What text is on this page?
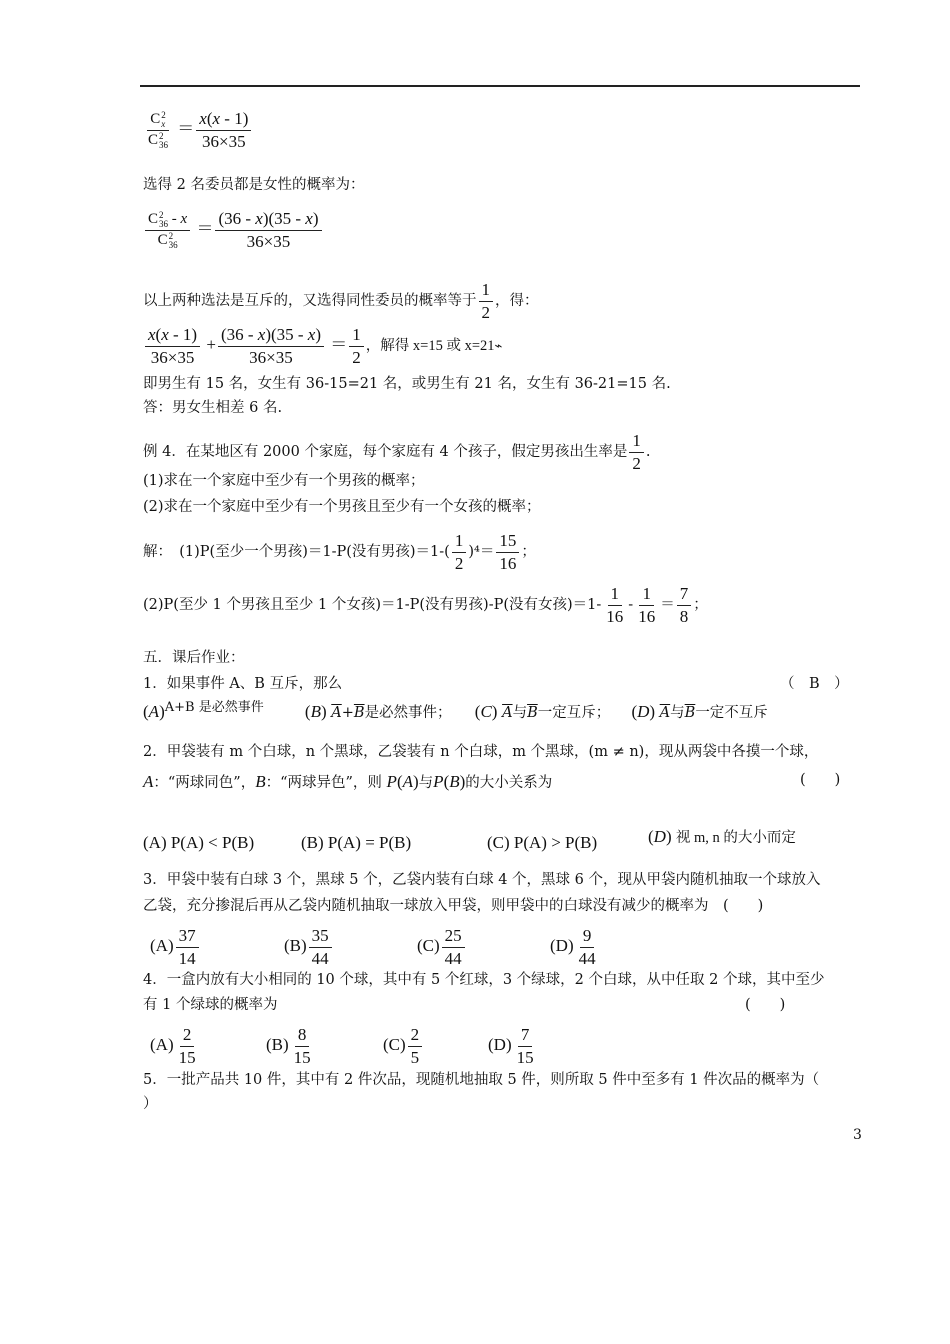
C 2
x
C 2
$36 = \frac{x(x - 1)}{36\times 35}$
选得 2 名委员都是女性的概率为：
C 2
36 - x
C 2
$36 = \frac{(36 - x)(35 - x)}{36\times 35}$
以上两种选法是互斥的，又选得同性委员的概率等于 $\frac{1}{2}$ ，得：
$\frac{x(x - 1)}{36\times 35} + \frac{(36 - x)(35 - x)}{36\times 35} = \frac{1}{2}$ ，解得 x=15 或 x=21⌁
即男生有 15 名，女生有 36-15=21 名，或男生有 21 名，女生有 36-21=15 名.
答：男女生相差 6 名.
例 4．在某地区有 2000 个家庭，每个家庭有 4 个孩子，假定男孩出生率是 $\frac{1}{2}$ .
(1)求在一个家庭中至少有一个男孩的概率；
(2)求在一个家庭中至少有一个男孩且至少有一个女孩的概率；
解：　(1)P(至少一个男孩)＝1-P(没有男孩)$=1-( \frac{1}{2} )^4= \frac{15}{16}$ ；
(2)P(至少 1 个男孩且至少 1 个女孩)＝1-P(没有男孩)-P(没有女孩)$=1- \frac{1}{16} - \frac{1}{16} = \frac{7}{8}$ ；
五．课后作业：
1．如果事件 A、B 互斥，那么	（　B　）
(A)A+B 是必然事件 (B) $\overline{A}+\overline{B}$是必然事件； (C) $\overline{A}$与$\overline{B}$一定互斥； (D) $\overline{A}$与$\overline{B}$一定不互斥
2．甲袋装有 m 个白球，n 个黑球，乙袋装有 n 个白球，m 个黑球，(m ≠ n)，现从两袋中各摸一个球，
A：“两球同色”，B：“两球异色”，则 P(A)与P(B)的大小关系为	(　　)
(A) P(A) < P(B)	(B) P(A) = P(B)	(C) P(A) > P(B)	(D) 视 m, n 的大小而定
3．甲袋中装有白球 3 个，黑球 5 个，乙袋内装有白球 4 个，黑球 6 个，现从甲袋内随机抽取一个球放入
乙袋，充分掺混后再从乙袋内随机抽取一球放入甲袋，则甲袋中的白球没有减少的概率为　(　　)
$(A) \frac{37}{14}$	$(B) \frac{35}{44}$	$(C) \frac{25}{44}$	$(D) \frac{9}{44}$
4．一盒内放有大小相同的 10 个球，其中有 5 个红球，3 个绿球，2 个白球，从中任取 2 个球，其中至少
有 1 个绿球的概率为	(　　)
$(A) \frac{2}{15}$	$(B) \frac{8}{15}$	$(C) \frac{2}{5}$	$(D) \frac{7}{15}$
5．一批产品共 10 件，其中有 2 件次品，现随机地抽取 5 件，则所取 5 件中至多有 1 件次品的概率为（
）
3
